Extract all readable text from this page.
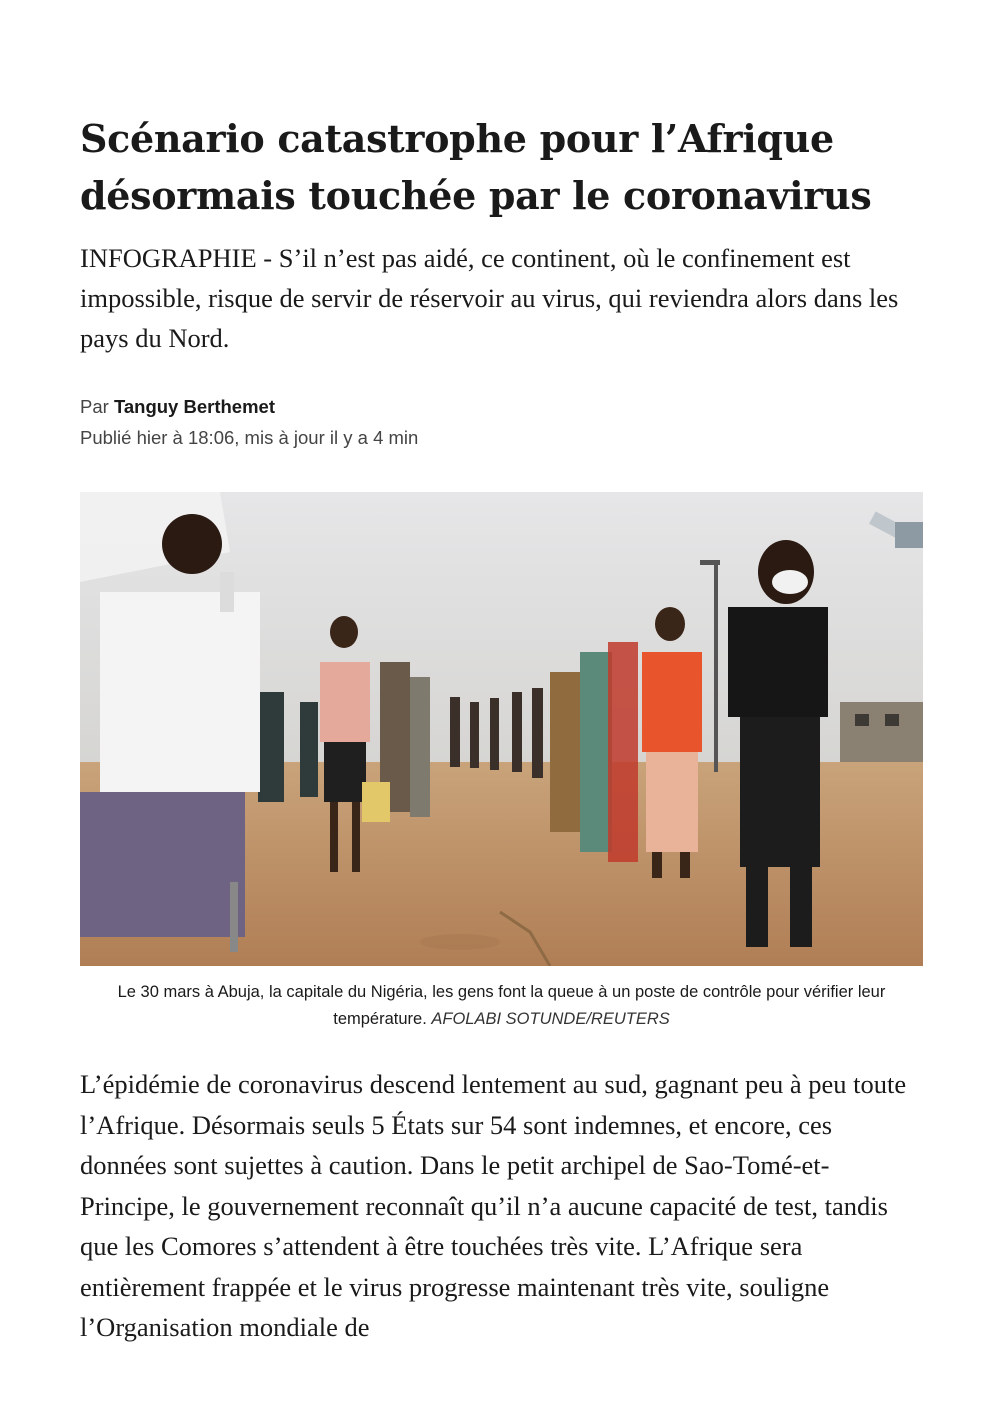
Scénario catastrophe pour l’Afrique désormais touchée par le coronavirus

INFOGRAPHIE - S’il n’est pas aidé, ce continent, où le confinement est impossible, risque de servir de réservoir au virus, qui reviendra alors dans les pays du Nord.

Par Tanguy Berthemet
Publié hier à 18:06, mis à jour il y a 4 min
Le 30 mars à Abuja, la capitale du Nigéria, les gens font la queue à un poste de contrôle pour vérifier leur température. AFOLABI SOTUNDE/REUTERS

L’épidémie de coronavirus descend lentement au sud, gagnant peu à peu toute l’Afrique. Désormais seuls 5 États sur 54 sont indemnes, et encore, ces données sont sujettes à caution. Dans le petit archipel de Sao-Tomé-et-Principe, le gouvernement reconnaît qu’il n’a aucune capacité de test, tandis que les Comores s’attendent à être touchées très vite. L’Afrique sera entièrement frappée et le virus progresse maintenant très vite, souligne l’Organisation mondiale de
